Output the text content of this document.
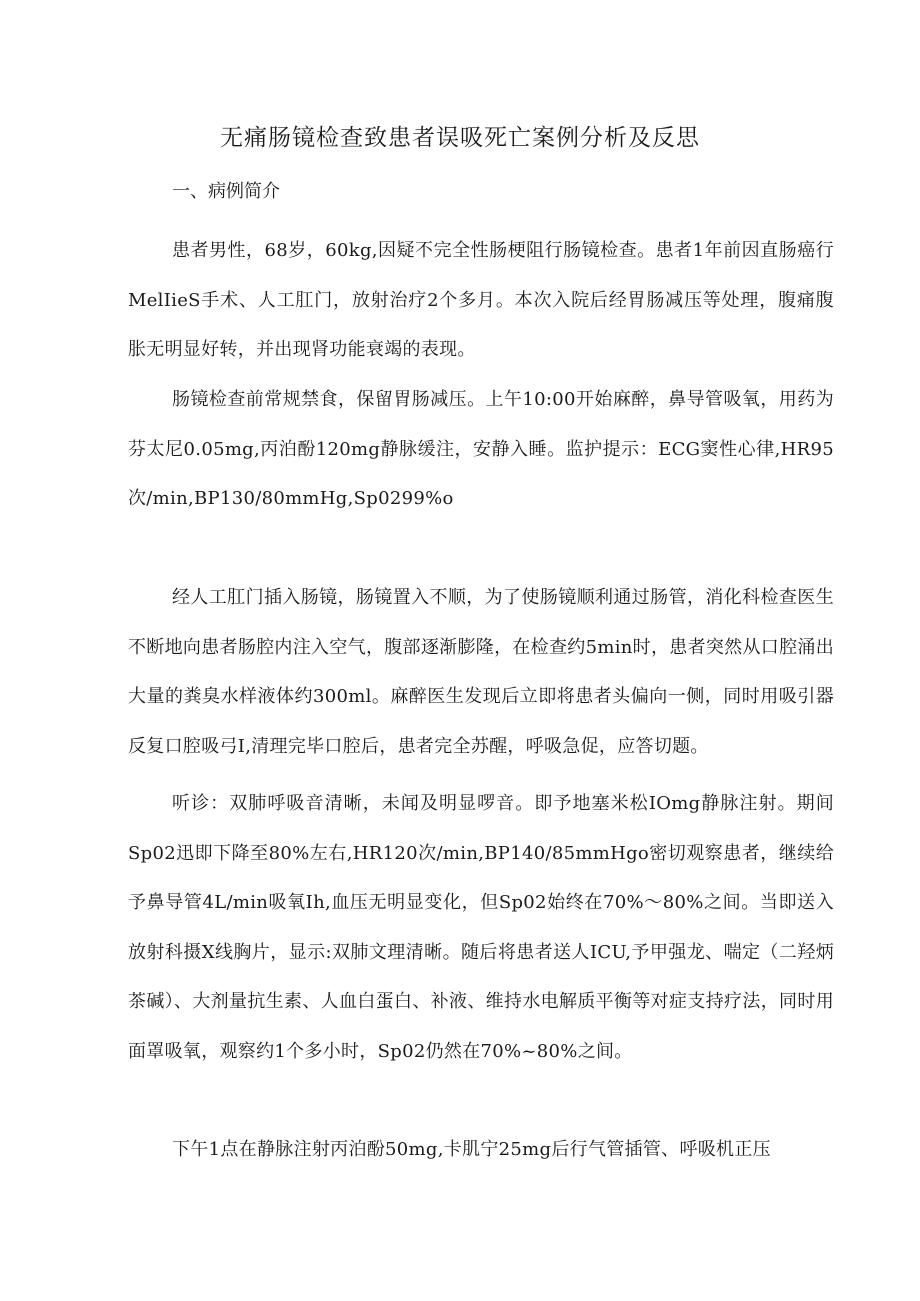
无痛肠镜检查致患者误吸死亡案例分析及反思
一、病例简介

患者男性，68岁，60kg,因疑不完全性肠梗阻行肠镜检查。患者1年前因直肠癌行MelIieS手术、人工肛门，放射治疗2个多月。本次入院后经胃肠减压等处理，腹痛腹胀无明显好转，并出现肾功能衰竭的表现。

肠镜检查前常规禁食，保留胃肠减压。上午10:00开始麻醉，鼻导管吸氧，用药为芬太尼0.05mg,丙泊酚120mg静脉缓注，安静入睡。监护提示：ECG窦性心律,HR95次/min,BP130/80mmHg,Sp0299%o

经人工肛门插入肠镜，肠镜置入不顺，为了使肠镜顺利通过肠管，消化科检查医生不断地向患者肠腔内注入空气，腹部逐渐膨隆，在检查约5min时，患者突然从口腔涌出大量的粪臭水样液体约300ml。麻醉医生发现后立即将患者头偏向一侧，同时用吸引器反复口腔吸弓I,清理完毕口腔后，患者完全苏醒，呼吸急促，应答切题。

听诊：双肺呼吸音清晰，未闻及明显啰音。即予地塞米松IOmg静脉注射。期间Sp02迅即下降至80%左右,HR120次/min,BP140/85mmHgo密切观察患者，继续给予鼻导管4L/min吸氧Ih,血压无明显变化，但Sp02始终在70%～80%之间。当即送入放射科摄X线胸片，显示:双肺文理清晰。随后将患者送人ICU,予甲强龙、喘定（二羟炳茶碱）、大剂量抗生素、人血白蛋白、补液、维持水电解质平衡等对症支持疗法，同时用面罩吸氧，观察约1个多小时，Sp02仍然在70%~80%之间。

下午1点在静脉注射丙泊酚50mg,卡肌宁25mg后行气管插管、呼吸机正压
